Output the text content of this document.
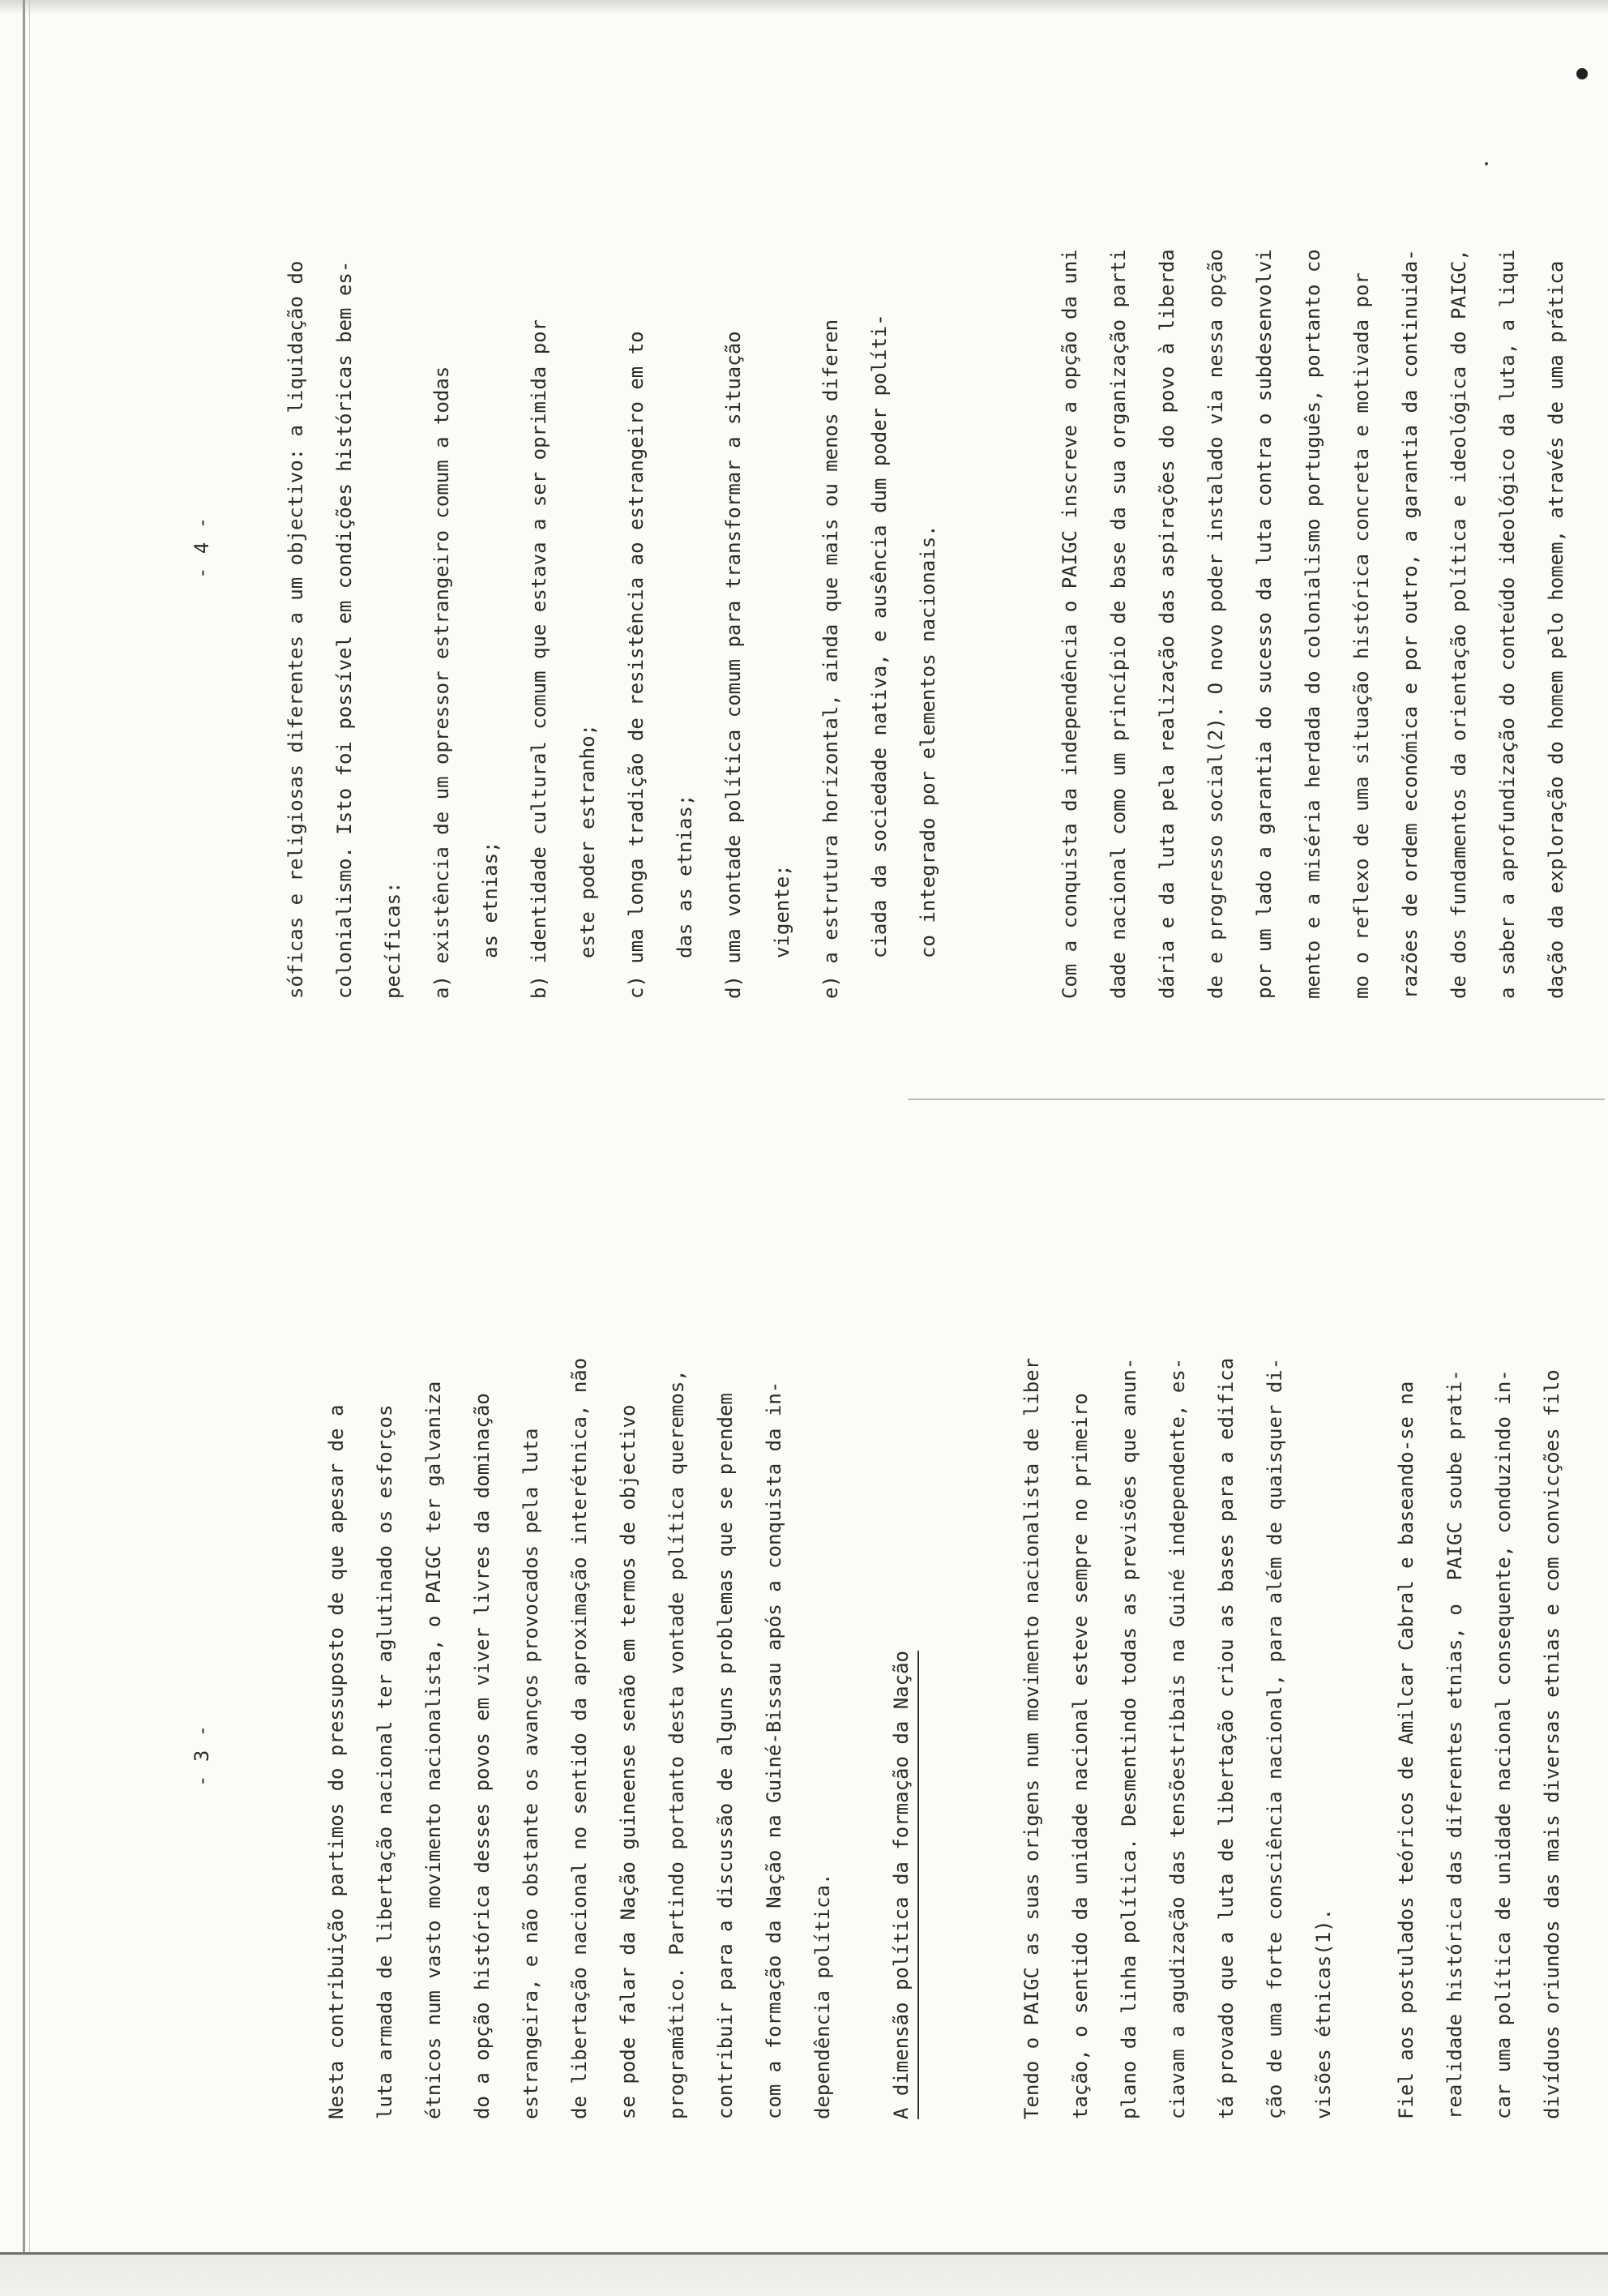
- 3 -	Nesta contribuição partimos do pressuposto de que apesar de a	luta armada de libertação nacional ter aglutinado os esforços	étnicos num vasto movimento nacionalista, o PAIGC ter galvaniza	do a opção histórica desses povos em viver livres da dominação	estrangeira, e não obstante os avanços provocados pela luta	de libertação nacional no sentido da aproximação interétnica, não	se pode falar da Nação guineense senão em termos de objectivo	programático. Partindo portanto desta vontade política queremos,	contribuir para a discussão de alguns problemas que se prendem	com a formação da Nação na Guiné-Bissau após a conquista da in-	dependência política.	A dimensão política da formação da Nação	Tendo o PAIGC as suas origens num movimento nacionalista de liber	tação, o sentido da unidade nacional esteve sempre no primeiro	plano da linha política. Desmentindo todas as previsões que anun-	ciavam a agudização das tensõestribais na Guiné independente, es-	tá provado que a luta de libertação criou as bases para a edifica	ção de uma forte consciência nacional, para além de quaisquer di-	visões étnicas(1).	Fiel aos postulados teóricos de Amilcar Cabral e baseando-se na	realidade histórica das diferentes etnias, o  PAIGC soube prati-	car uma política de unidade nacional consequente, conduzindo in-	divíduos oriundos das mais diversas etnias e com convicções filo
- 4 -	sóficas e religiosas diferentes a um objectivo: a liquidação do	colonialismo. Isto foi possível em condições históricas bem es-	pecíficas:	a) existência de um opressor estrangeiro comum a todas	as etnias;	b) identidade cultural comum que estava a ser oprimida por	este poder estranho;	c) uma longa tradição de resistência ao estrangeiro em to	das as etnias;	d) uma vontade política comum para transformar a situação	vigente;	e) a estrutura horizontal, ainda que mais ou menos diferen	ciada da sociedade nativa, e ausência dum poder políti-	co integrado por elementos nacionais.	Com a conquista da independência o PAIGC inscreve a opção da uni	dade nacional como um princípio de base da sua organização parti	dária e da luta pela realização das aspirações do povo à liberda	de e progresso social(2). O novo poder instalado via nessa opção	por um lado a garantia do sucesso da luta contra o subdesenvolvi	mento e a miséria herdada do colonialismo português, portanto co	mo o reflexo de uma situação histórica concreta e motivada por	razões de ordem económica e por outro, a garantia da continuida-	de dos fundamentos da orientação política e ideológica do PAIGC,	a saber a aprofundização do conteúdo ideológico da luta, a liqui	dação da exploração do homem pelo homem, através de uma prática
